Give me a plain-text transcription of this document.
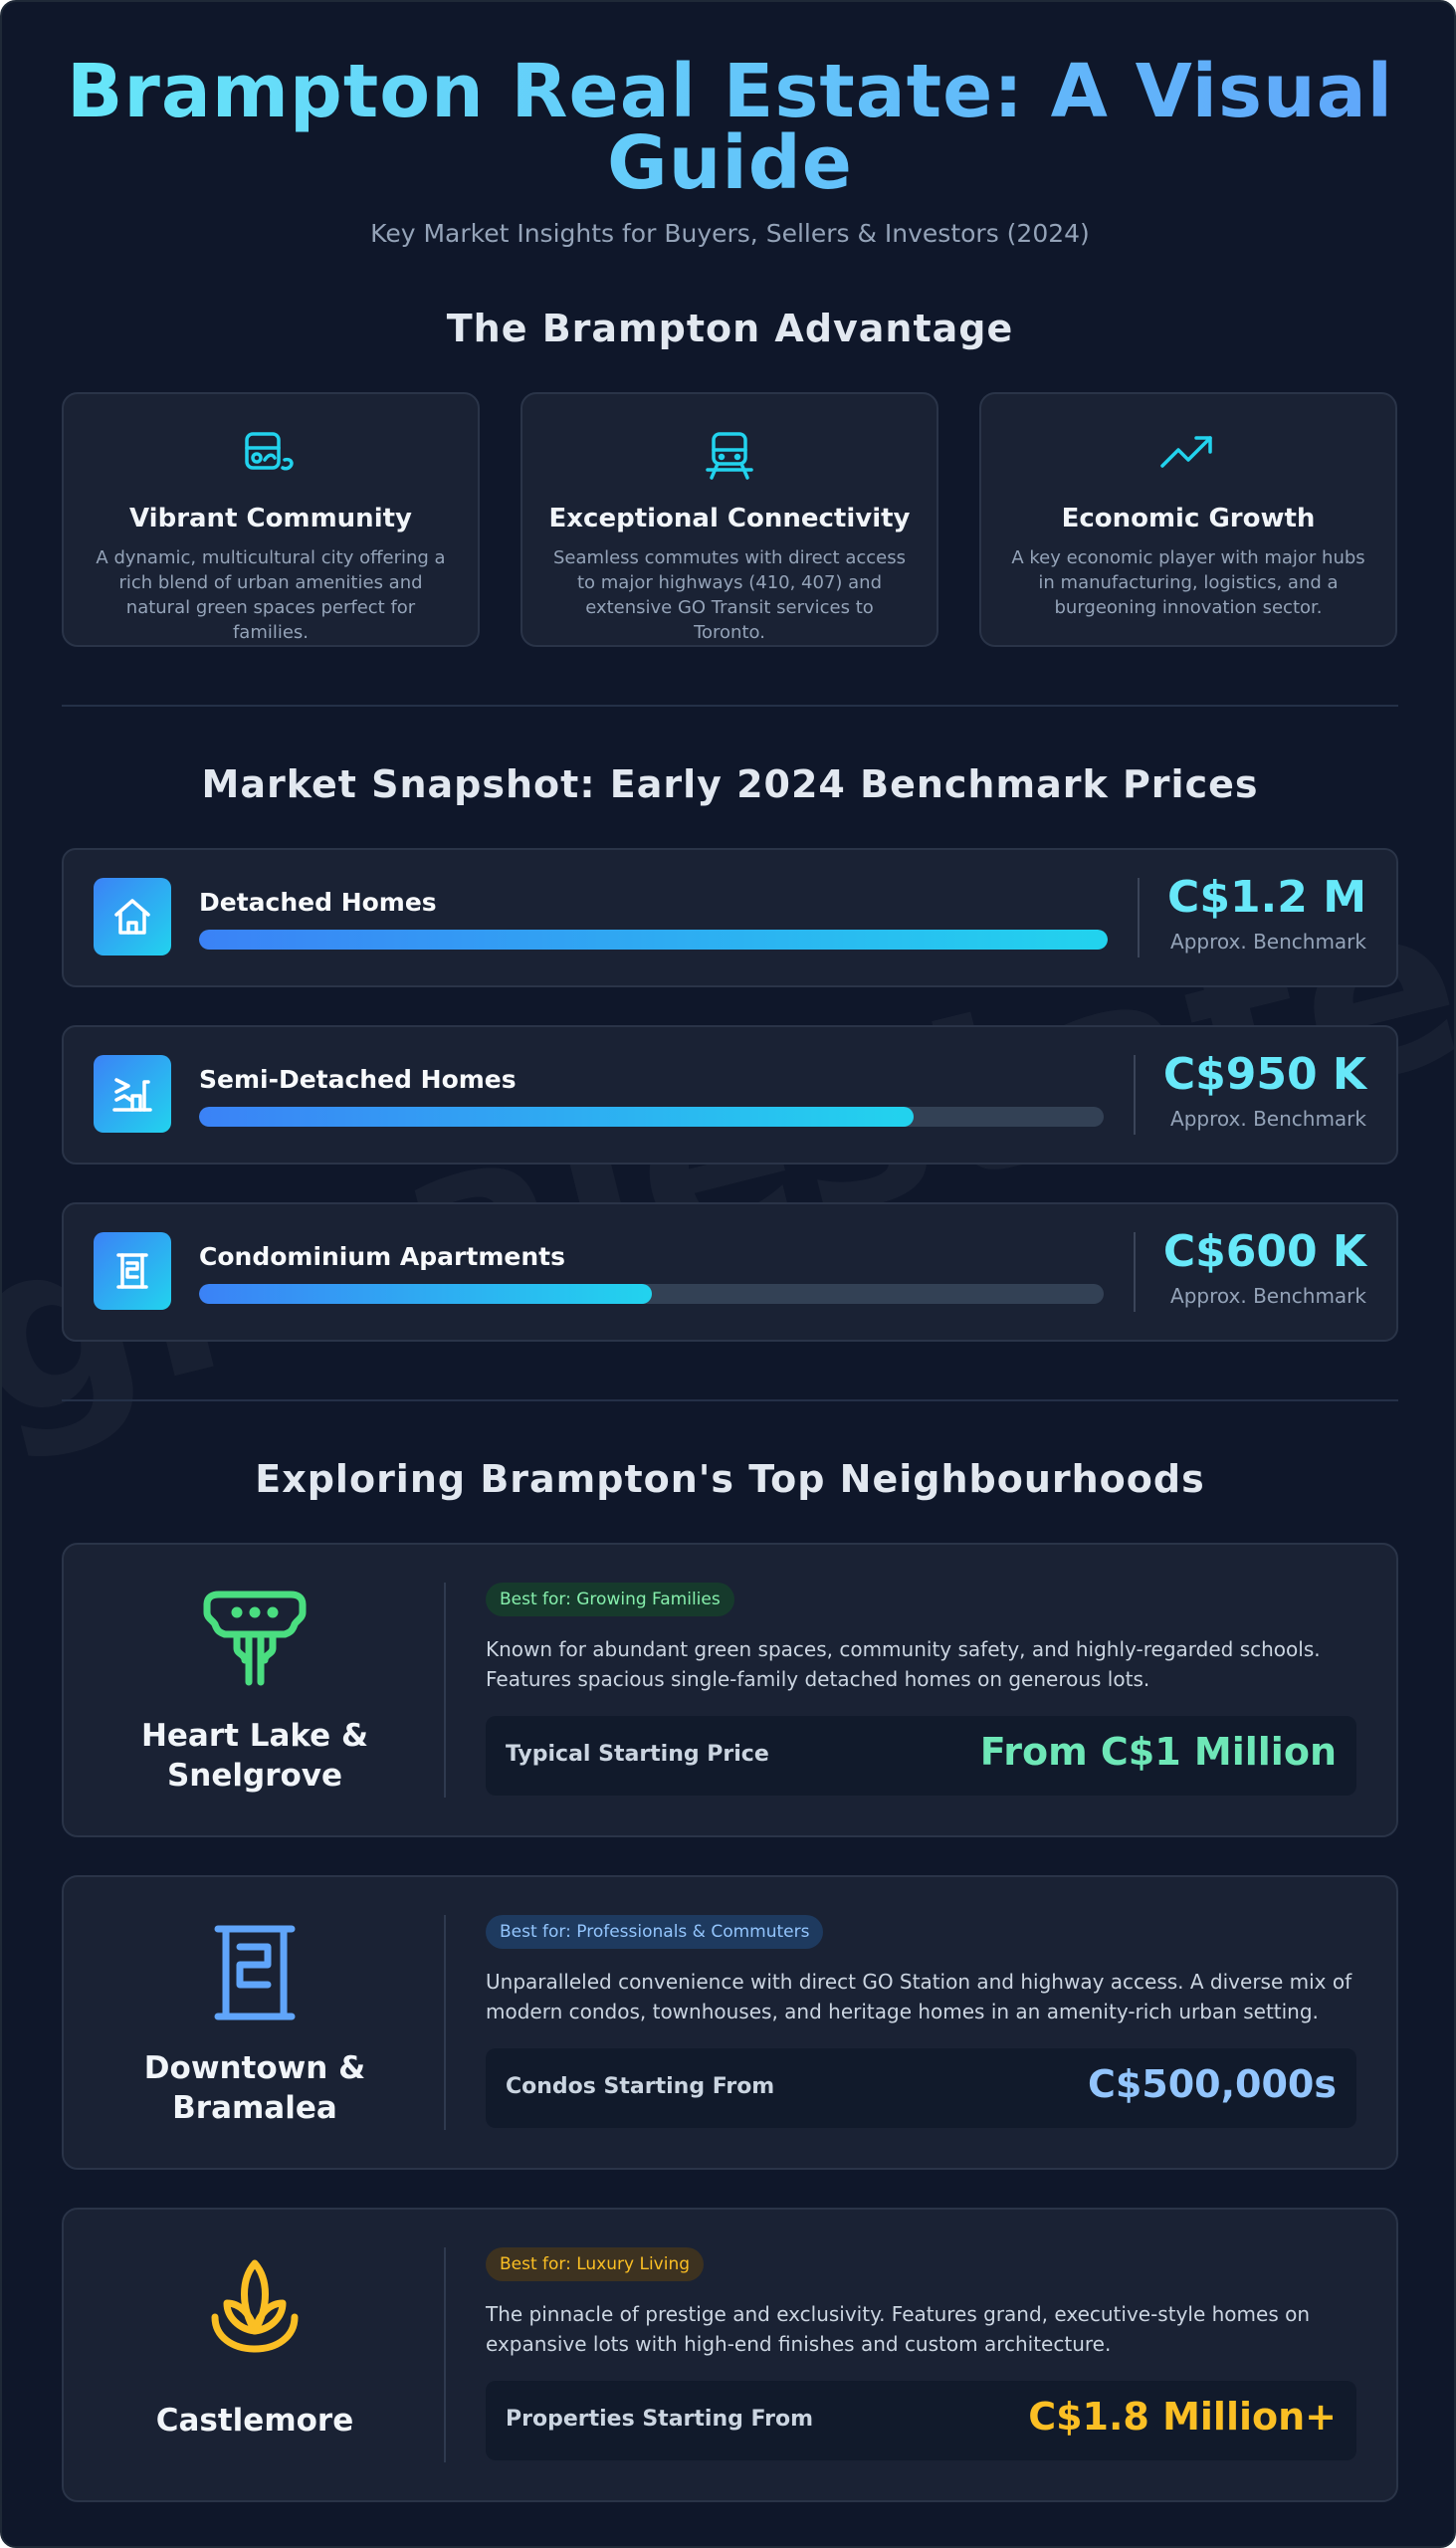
Brampton Real Estate: A Visual Guide
Key Market Insights for Buyers, Sellers & Investors (2024)
The Brampton Advantage
Vibrant Community
A dynamic, multicultural city offering a rich blend of urban amenities and natural green spaces perfect for families.
Exceptional Connectivity
Seamless commutes with direct access to major highways (410, 407) and extensive GO Transit services to Toronto.
Economic Growth
A key economic player with major hubs in manufacturing, logistics, and a burgeoning innovation sector.
Market Snapshot: Early 2024 Benchmark Prices
Detached Homes	C$1.2 M
Approx. Benchmark
Semi-Detached Homes	C$950 K
Approx. Benchmark
Condominium Apartments	C$600 K
Approx. Benchmark
Exploring Brampton's Top Neighbourhoods
Heart Lake &
Snelgrove
Best for: Growing Families
Known for abundant green spaces, community safety, and highly-regarded schools. Features spacious single-family detached homes on generous lots.
Typical Starting Price	From C$1 Million
Downtown &
Bramalea
Best for: Professionals & Commuters
Unparalleled convenience with direct GO Station and highway access. A diverse mix of modern condos, townhouses, and heritage homes in an amenity-rich urban setting.
Condos Starting From	C$500,000s
Castlemore
Best for: Luxury Living
The pinnacle of prestige and exclusivity. Features grand, executive-style homes on expansive lots with high-end finishes and custom architecture.
Properties Starting From	C$1.8 Million+
